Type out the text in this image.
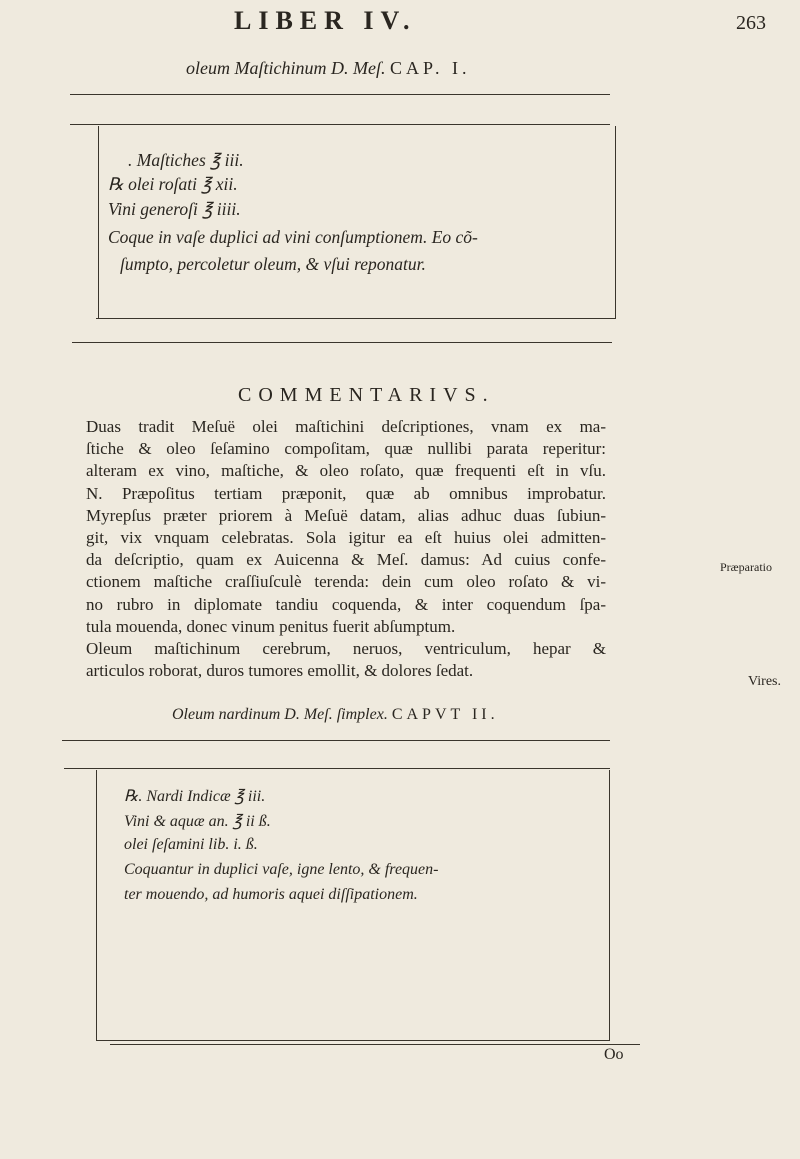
LIBER IV.	263
oleum Maſtichinum D. Meſ. CAP. I.
. Maſtiches ℥ iii.
℞ olei roſati ℥ xii.
Vini generoſi ℥ iiii.
Coque in vaſe duplici ad vini conſumptionem. Eo cõ-
ſumpto, percoletur oleum, & vſui reponatur.
COMMENTARIVS.
Duas tradit Meſuë olei maſtichini deſcriptiones, vnam ex ma-
ſtiche & oleo ſeſamino compoſitam, quæ nullibi parata reperitur:
alteram ex vino, maſtiche, & oleo roſato, quæ frequenti eſt in vſu.
N. Præpoſitus tertiam præponit, quæ ab omnibus improbatur.
Myrepſus præter priorem à Meſuë datam, alias adhuc duas ſubiun-
git, vix vnquam celebratas. Sola igitur ea eſt huius olei admitten-
da deſcriptio, quam ex Auicenna & Meſ. damus: Ad cuius confe-
ctionem maſtiche craſſiuſculè terenda: dein cum oleo roſato & vi-
no rubro in diplomate tandiu coquenda, & inter coquendum ſpa-
tula mouenda, donec vinum penitus fuerit abſumptum.
Oleum maſtichinum cerebrum, neruos, ventriculum, hepar &
articulos roborat, duros tumores emollit, & dolores ſedat.
Præparatio
Vires.
Oleum nardinum D. Meſ. ſimplex. CAPVT II.
℞. Nardi Indicæ ℥ iii.
Vini & aquæ an. ℥ ii ß.
olei ſeſamini lib. i. ß.
Coquantur in duplici vaſe, igne lento, & frequen-
ter mouendo, ad humoris aquei diſſipationem.
Oo
